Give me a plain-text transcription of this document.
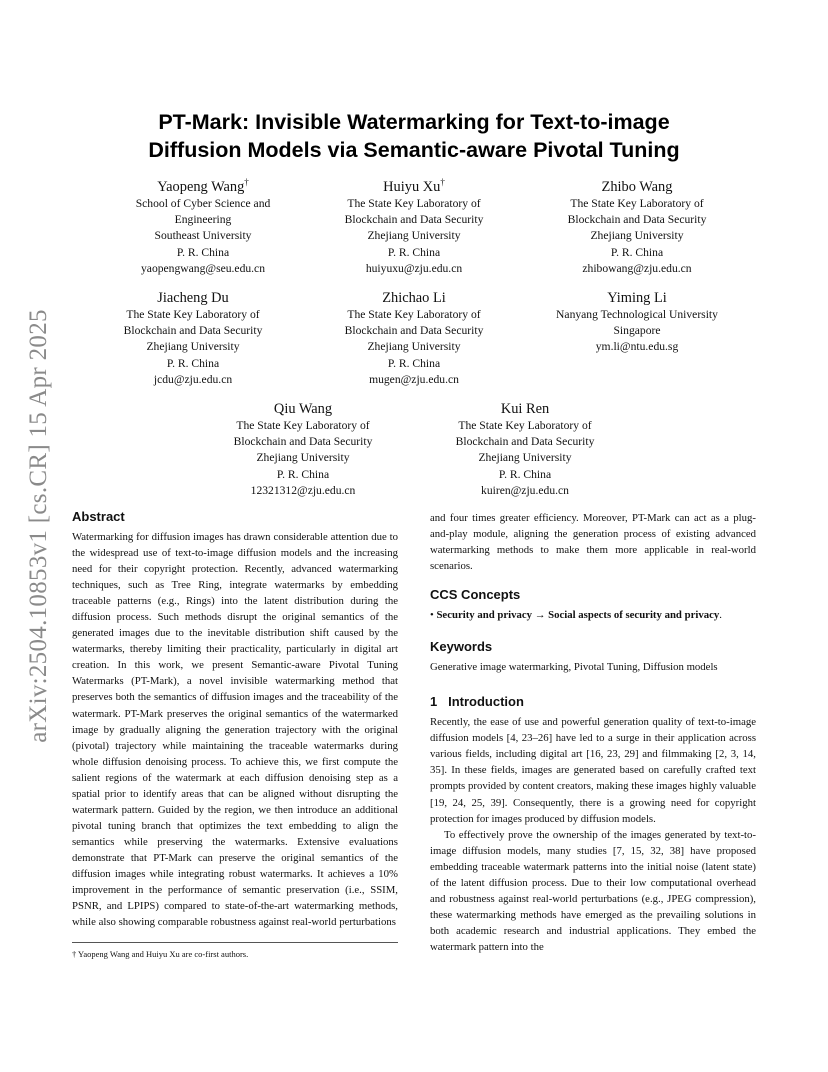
arXiv:2504.10853v1 [cs.CR] 15 Apr 2025
PT-Mark: Invisible Watermarking for Text-to-image
Diffusion Models via Semantic-aware Pivotal Tuning
Yaopeng Wang†
School of Cyber Science and
Engineering
Southeast University
P. R. China
yaopengwang@seu.edu.cn
Huiyu Xu†
The State Key Laboratory of
Blockchain and Data Security
Zhejiang University
P. R. China
huiyuxu@zju.edu.cn
Zhibo Wang
The State Key Laboratory of
Blockchain and Data Security
Zhejiang University
P. R. China
zhibowang@zju.edu.cn
Jiacheng Du
The State Key Laboratory of
Blockchain and Data Security
Zhejiang University
P. R. China
jcdu@zju.edu.cn
Zhichao Li
The State Key Laboratory of
Blockchain and Data Security
Zhejiang University
P. R. China
mugen@zju.edu.cn
Yiming Li
Nanyang Technological University
Singapore
ym.li@ntu.edu.sg
Qiu Wang
The State Key Laboratory of
Blockchain and Data Security
Zhejiang University
P. R. China
12321312@zju.edu.cn
Kui Ren
The State Key Laboratory of
Blockchain and Data Security
Zhejiang University
P. R. China
kuiren@zju.edu.cn

Abstract

Watermarking for diffusion images has drawn considerable attention due to the widespread use of text-to-image diffusion models and the increasing need for their copyright protection. Recently, advanced watermarking techniques, such as Tree Ring, integrate watermarks by embedding traceable patterns (e.g., Rings) into the latent distribution during the diffusion process. Such methods disrupt the original semantics of the generated images due to the inevitable distribution shift caused by the watermarks, thereby limiting their practicality, particularly in digital art creation. In this work, we present Semantic-aware Pivotal Tuning Watermarks (PT-Mark), a novel invisible watermarking method that preserves both the semantics of diffusion images and the traceability of the watermark. PT-Mark preserves the original semantics of the watermarked image by gradually aligning the generation trajectory with the original (pivotal) trajectory while maintaining the traceable watermarks during whole diffusion denoising process. To achieve this, we first compute the salient regions of the watermark at each diffusion denoising step as a spatial prior to identify areas that can be aligned without disrupting the watermark pattern. Guided by the region, we then introduce an additional pivotal tuning branch that optimizes the text embedding to align the semantics while preserving the watermarks. Extensive evaluations demonstrate that PT-Mark can preserve the original semantics of the diffusion images while integrating robust watermarks. It achieves a 10% improvement in the performance of semantic preservation (i.e., SSIM, PSNR, and LPIPS) compared to state-of-the-art watermarking methods, while also showing comparable robustness against real-world perturbations

and four times greater efficiency. Moreover, PT-Mark can act as a plug-and-play module, aligning the generation process of existing advanced watermarking methods to make them more applicable in real-world scenarios.

CCS Concepts

• Security and privacy → Social aspects of security and privacy.

Keywords

Generative image watermarking, Pivotal Tuning, Diffusion models

1 Introduction

Recently, the ease of use and powerful generation quality of text-to-image diffusion models [4, 23–26] have led to a surge in their application across various fields, including digital art [16, 23, 29] and filmmaking [2, 3, 14, 35]. In these fields, images are generated based on carefully crafted text prompts provided by content creators, making these images highly valuable [19, 24, 25, 39]. Consequently, there is a growing need for copyright protection for images produced by diffusion models.

To effectively prove the ownership of the images generated by text-to-image diffusion models, many studies [7, 15, 32, 38] have proposed embedding traceable watermark patterns into the initial noise (latent state) of the latent diffusion process. Due to their low computational overhead and robustness against real-world perturbations (e.g., JPEG compression), these watermarking methods have emerged as the prevailing solutions in both academic research and industrial applications. They embed the watermark pattern into the

† Yaopeng Wang and Huiyu Xu are co-first authors.
